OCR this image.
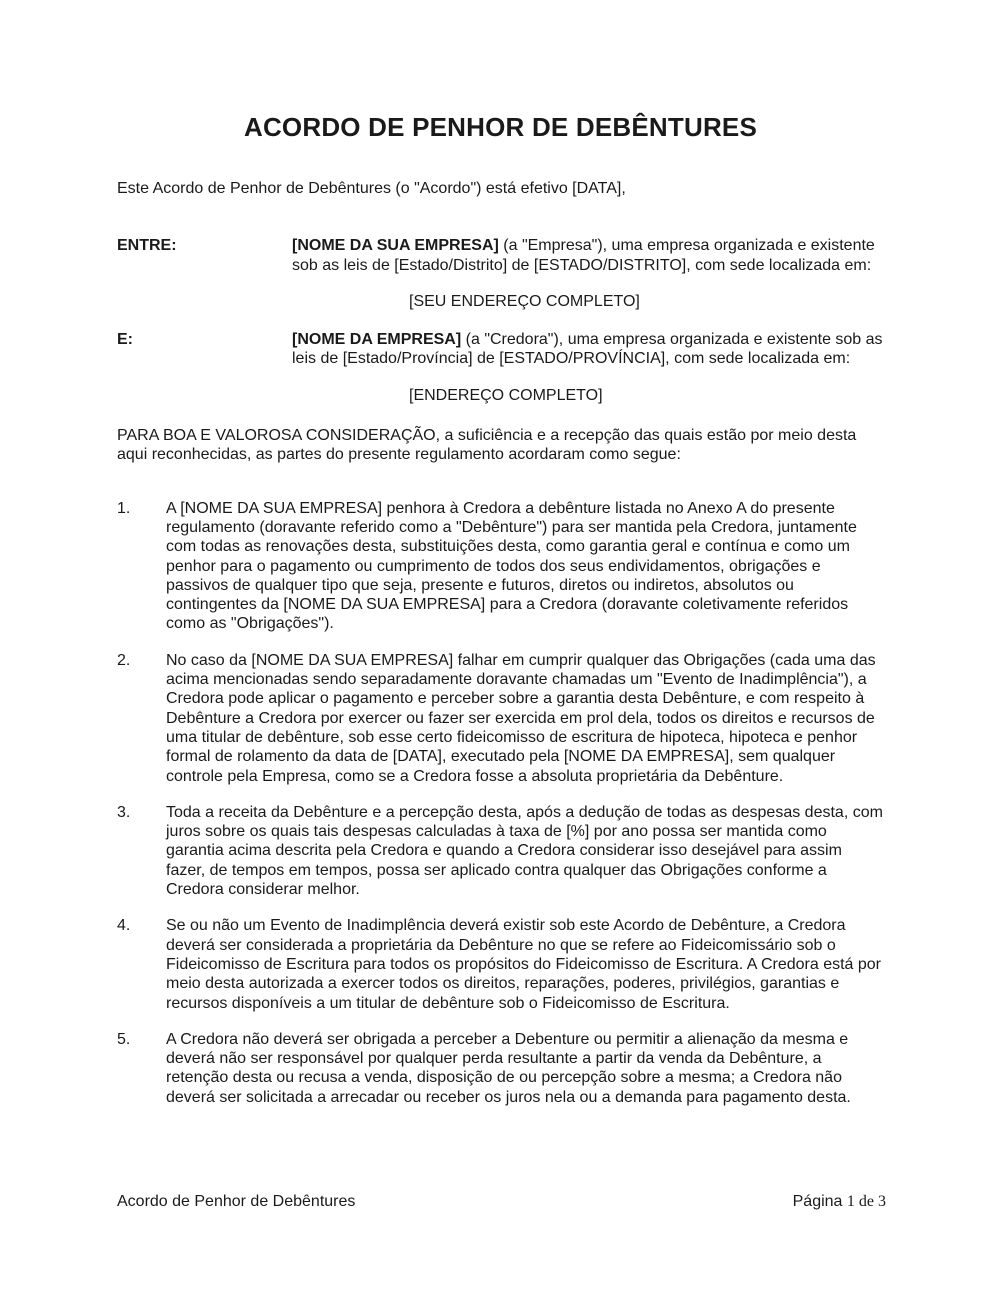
ACORDO DE PENHOR DE DEBÊNTURES

Este Acordo de Penhor de Debêntures (o "Acordo") está efetivo [DATA],

ENTRE:	[NOME DA SUA EMPRESA] (a "Empresa"), uma empresa organizada e existente sob as leis de [Estado/Distrito] de [ESTADO/DISTRITO], com sede localizada em:

[SEU ENDEREÇO COMPLETO]

E:	[NOME DA EMPRESA] (a "Credora"), uma empresa organizada e existente sob as leis de [Estado/Província] de [ESTADO/PROVÍNCIA], com sede localizada em:

[ENDEREÇO COMPLETO]

PARA BOA E VALOROSA CONSIDERAÇÃO, a suficiência e a recepção das quais estão por meio desta aqui reconhecidas, as partes do presente regulamento acordaram como segue:

1.	A [NOME DA SUA EMPRESA] penhora à Credora a debênture listada no Anexo A do presente regulamento (doravante referido como a "Debênture") para ser mantida pela Credora, juntamente com todas as renovações desta, substituições desta, como garantia geral e contínua e como um penhor para o pagamento ou cumprimento de todos dos seus endividamentos, obrigações e passivos de qualquer tipo que seja, presente e futuros, diretos ou indiretos, absolutos ou contingentes da [NOME DA SUA EMPRESA] para a Credora (doravante coletivamente referidos como as "Obrigações").
2.	No caso da [NOME DA SUA EMPRESA] falhar em cumprir qualquer das Obrigações (cada uma das acima mencionadas sendo separadamente doravante chamadas um "Evento de Inadimplência"), a Credora pode aplicar o pagamento e perceber sobre a garantia desta Debênture, e com respeito à Debênture a Credora por exercer ou fazer ser exercida em prol dela, todos os direitos e recursos de uma titular de debênture, sob esse certo fideicomisso de escritura de hipoteca, hipoteca e penhor formal de rolamento da data de [DATA], executado pela [NOME DA EMPRESA], sem qualquer controle pela Empresa, como se a Credora fosse a absoluta proprietária da Debênture.
3.	Toda a receita da Debênture e a percepção desta, após a dedução de todas as despesas desta, com juros sobre os quais tais despesas calculadas à taxa de [%] por ano possa ser mantida como garantia acima descrita pela Credora e quando a Credora considerar isso desejável para assim fazer, de tempos em tempos, possa ser aplicado contra qualquer das Obrigações conforme a Credora considerar melhor.
4.	Se ou não um Evento de Inadimplência deverá existir sob este Acordo de Debênture, a Credora deverá ser considerada a proprietária da Debênture no que se refere ao Fideicomissário sob o Fideicomisso de Escritura para todos os propósitos do Fideicomisso de Escritura. A Credora está por meio desta autorizada a exercer todos os direitos, reparações, poderes, privilégios, garantias e recursos disponíveis a um titular de debênture sob o Fideicomisso de Escritura.
5.	A Credora não deverá ser obrigada a perceber a Debenture ou permitir a alienação da mesma e deverá não ser responsável por qualquer perda resultante a partir da venda da Debênture, a retenção desta ou recusa a venda, disposição de ou percepção sobre a mesma; a Credora não deverá ser solicitada a arrecadar ou receber os juros nela ou a demanda para pagamento desta.
Acordo de Penhor de Debêntures	Página 1 de 3
